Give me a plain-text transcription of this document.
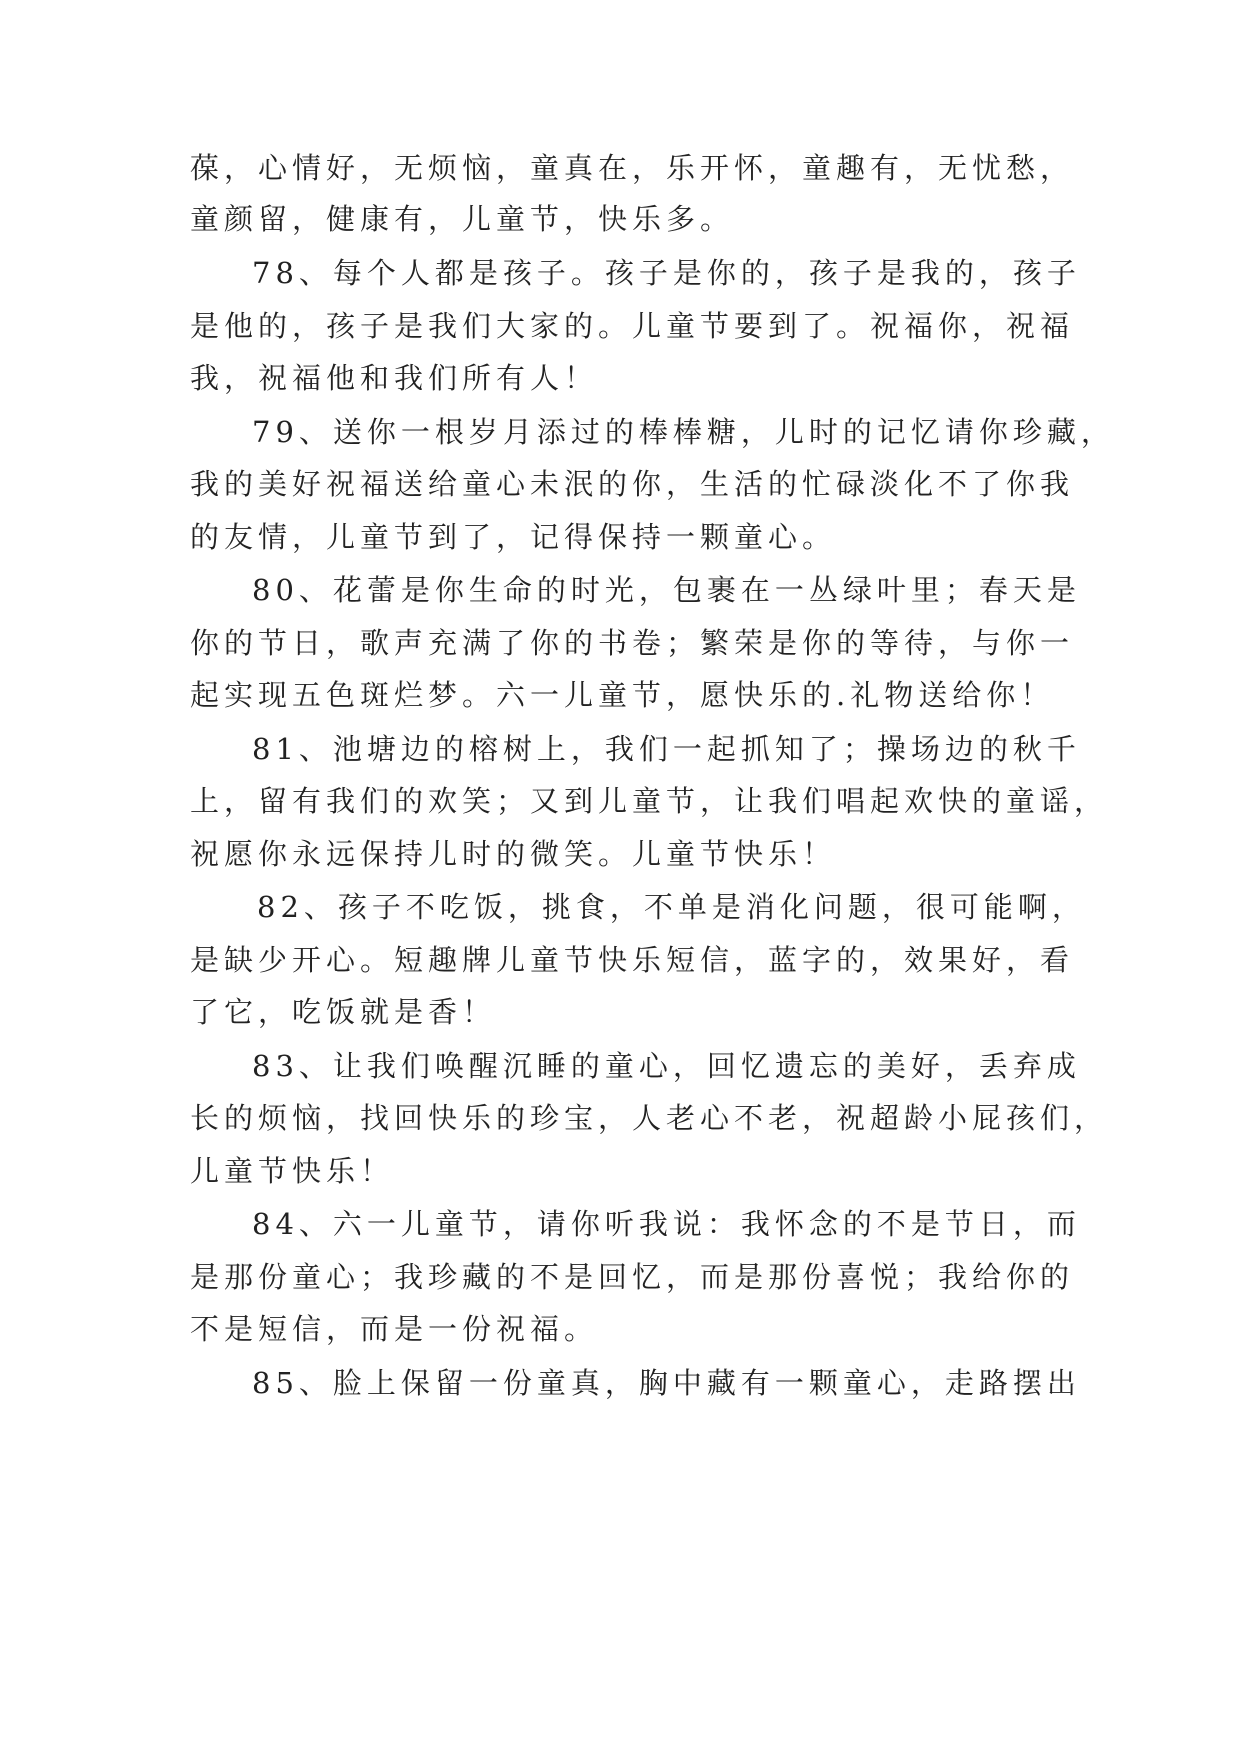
葆，心情好，无烦恼，童真在，乐开怀，童趣有，无忧愁，
童颜留，健康有，儿童节，快乐多。
78、每个人都是孩子。孩子是你的，孩子是我的，孩子
是他的，孩子是我们大家的。儿童节要到了。祝福你，祝福
我，祝福他和我们所有人！
79、送你一根岁月添过的棒棒糖，儿时的记忆请你珍藏，
我的美好祝福送给童心未泯的你，生活的忙碌淡化不了你我
的友情，儿童节到了，记得保持一颗童心。
80、花蕾是你生命的时光，包裹在一丛绿叶里；春天是
你的节日，歌声充满了你的书卷；繁荣是你的等待，与你一
起实现五色斑烂梦。六一儿童节，愿快乐的.礼物送给你！
81、池塘边的榕树上，我们一起抓知了；操场边的秋千
上，留有我们的欢笑；又到儿童节，让我们唱起欢快的童谣，
祝愿你永远保持儿时的微笑。儿童节快乐！
82、孩子不吃饭，挑食，不单是消化问题，很可能啊，
是缺少开心。短趣牌儿童节快乐短信，蓝字的，效果好，看
了它，吃饭就是香！
83、让我们唤醒沉睡的童心，回忆遗忘的美好，丢弃成
长的烦恼，找回快乐的珍宝，人老心不老，祝超龄小屁孩们，
儿童节快乐！
84、六一儿童节，请你听我说：我怀念的不是节日，而
是那份童心；我珍藏的不是回忆，而是那份喜悦；我给你的
不是短信，而是一份祝福。
85、脸上保留一份童真，胸中藏有一颗童心，走路摆出
